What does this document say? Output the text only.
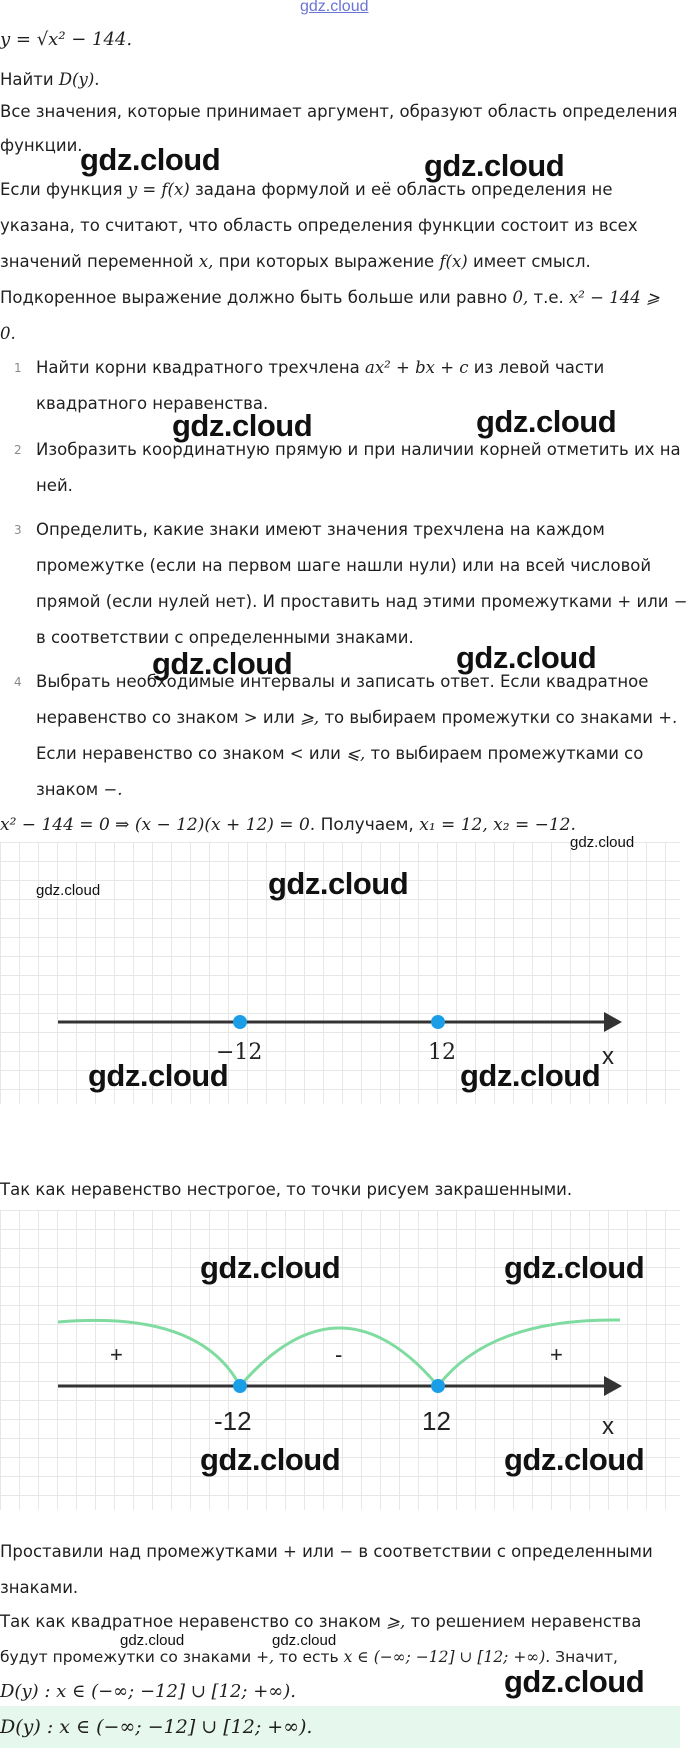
gdz.cloud
y = √x² − 144.
Найти D(y).
Все значения, которые принимает аргумент, образуют область определения
функции.
Если функция y = f(x) задана формулой и её область определения не
указана, то считают, что область определения функции состоит из всех
значений переменной x, при которых выражение f(x) имеет смысл.
Подкоренное выражение должно быть больше или равно 0, т.е. x² − 144 ⩾
0.
1 Найти корни квадратного трехчлена ax² + bx + c из левой части
квадратного неравенства.
2 Изобразить координатную прямую и при наличии корней отметить их на
ней.
3 Определить, какие знаки имеют значения трехчлена на каждом
промежутке (если на первом шаге нашли нули) или на всей числовой
прямой (если нулей нет). И проставить над этими промежутками + или −
в соответствии с определенными знаками.
4 Выбрать необходимые интервалы и записать ответ. Если квадратное
неравенство со знаком > или ⩾, то выбираем промежутки со знаками +.
Если неравенство со знаком < или ⩽, то выбираем промежутками со
знаком −.
x² − 144 = 0 ⇒ (x − 12)(x + 12) = 0. Получаем, x₁ = 12, x₂ = −12.
−12	12	x
Так как неравенство нестрогое, то точки рисуем закрашенными.
+	-	+
-12	12	x
Проставили над промежутками + или − в соответствии с определенными
знаками.
Так как квадратное неравенство со знаком ⩾, то решением неравенства
будут промежутки со знаками +, то есть x ∈ (−∞; −12] ∪ [12; +∞). Значит,
D(y) : x ∈ (−∞; −12] ∪ [12; +∞).
D(y) : x ∈ (−∞; −12] ∪ [12; +∞).
gdz.cloud	gdz.cloud
gdz.cloud	gdz.cloud
gdz.cloud	gdz.cloud
gdz.cloud
gdz.cloud	gdz.cloud
gdz.cloud	gdz.cloud
gdz.cloud	gdz.cloud
gdz.cloud
gdz.cloud
gdz.cloud
gdz.cloud	gdz.cloud
